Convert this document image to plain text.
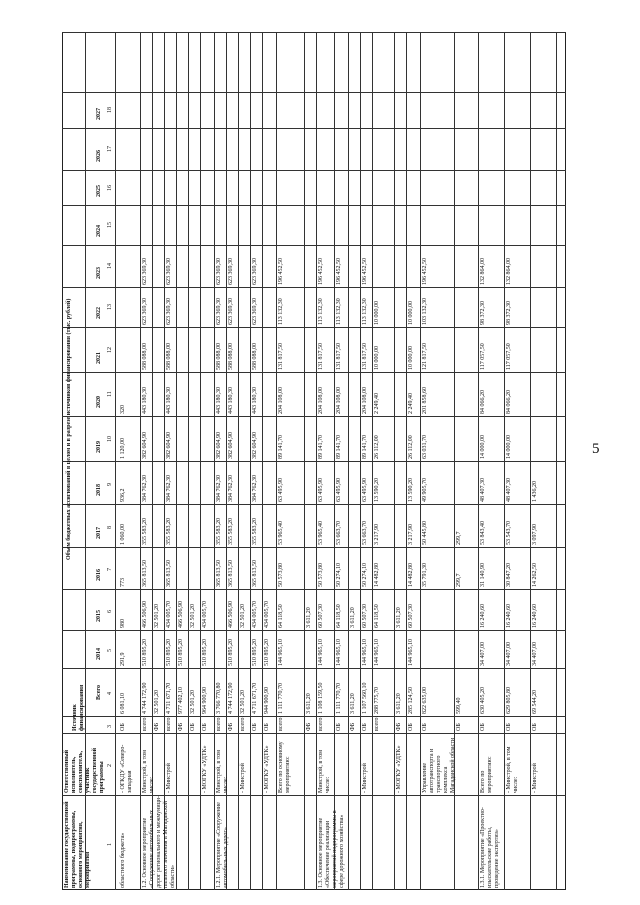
5
Наименование государственной программы, подпрограммы, основного мероприятия, мероприятия
Ответственный исполнитель, соисполнитель, участник государственной программы
Источник финансирования Всего
Объем бюджетных ассигнований в целом и в разрезе источников финансирования (тыс. рублей)
2014
2015
2016
2017
2018
2019
2020
2021
2022
2023
2024
2025
2026
2027
1
2
3
4
5
6
7
8
9
10
11
12
13
14
15
16
17
18
областного бюджета»
- ОГКДУ «Северо-западная
ОБ
6 081,10
291,9
980
773
1 060,00
936,2
1 120,00
320
1.2. Основное мероприятие «Сооружение автомобиль-ных дорог регионального и межмуници-пального значения в Магаданской области»
Минстрой, в том числе:
всего:
4 744 172,90
510 895,20
466 506,90
365 813,50
355 583,20
384 762,30
382 604,90
443 180,30
588 088,00
623 369,30
623 369,30
ФБ
32 501,20
32 501,20
- Минстрой
всего:
4 711 671,70
510 895,20
434 005,70
365 813,50
355 583,20
384 762,30
382 604,90
443 180,30
588 088,00
623 369,30
623 369,30
ФБ
977 402,10
510 895,20
466 506,90
ОБ
32 501,20
32 501,20
- МОГКУ «УДТК»
ОБ
964 900,90
510 895,20
434 005,70
1.2.1. Мероприятие «Сооружение автомобиль-ных дорог»
Минстрой, в том числе:
всего:
3 766 770,80
365 813,50
355 583,20
384 762,30
382 604,90
443 180,30
588 088,00
623 369,30
623 369,30
ФБ
4 744 172,90
510 895,20
466 506,90
365 813,50
355 583,20
384 762,30
382 604,90
443 180,30
588 088,00
623 369,30
623 369,30
- Минстрой
всего:
32 501,20
32 501,20
ОБ
4 711 671,70
510 895,20
434 005,70
365 813,50
355 583,20
384 762,30
382 604,90
443 180,30
588 088,00
623 369,30
623 369,30
- МОГКУ «УДТК»
ОБ
944 900,90
510 895,20
434 005,70
Всего по основному мероприятию:
всего:
1 111 770,70
144 965,10
64 118,50
50 573,80
53 965,40
63 495,90
89 141,70
204 108,00
131 817,50
113 132,30
196 452,50
ФБ
3 611,20
3 611,20
1.3. Основное мероприятие «Обеспечение реализации мероприятий подпрограммы в сфере дорожного хозяйства»
Минстрой, в том числе:
всего:
1 108 159,50
144 965,10
60 507,30
50 573,80
53 965,40
63 495,90
89 141,70
204 108,00
131 817,50
113 132,30
196 452,50
ОБ
1 111 770,70
144 965,10
64 118,50
50 274,10
53 663,70
63 495,90
89 141,70
204 108,00
131 817,50
113 132,30
196 452,50
ФБ
3 611,20
3 611,20
- Минстрой
ОБ
1 107 560,10
144 965,10
60 507,30
50 274,10
53 663,70
63 495,90
89 141,70
204 108,00
131 817,50
113 132,30
196 452,50
всего:
288 775,70
144 965,10
64 118,50
14 482,80
3 217,90
13 590,20
26 112,00
2 249,40
10 000,00
10 000,00
- МОГКУ «УДТК»
ФБ
3 611,20
3 611,20
ОБ
285 124,50
144 965,10
60 507,30
14 482,80
3 217,90
13 590,20
26 112,00
2 249,40
10 000,00
10 000,00
Управление автотранспорта и транспортного комплекса Магаданской области
ОБ
822 635,00
35 791,30
50 445,80
49 905,70
63 031,70
201 858,60
121 817,50
103 132,30
196 452,50
ОБ
599,40
299,7
299,7
1.3.1. Мероприятие «Проектно-изыскательские работы, проведение экспертиз»
Всего по мероприятию:
ОБ
630 405,20
34 407,00
16 240,60
31 140,90
53 843,40
48 407,30
14 000,00
84 066,20
117 057,50
98 372,30
132 864,00
- Минстрой, в том числе:
ОБ
629 805,80
34 407,00
16 240,60
30 847,20
53 543,70
48 407,30
14 000,00
84 066,20
117 057,50
98 372,30
132 864,00
- Минстрой
ОБ
69 544,20
34 407,00
16 240,60
14 262,50
3 097,90
1 436,20
